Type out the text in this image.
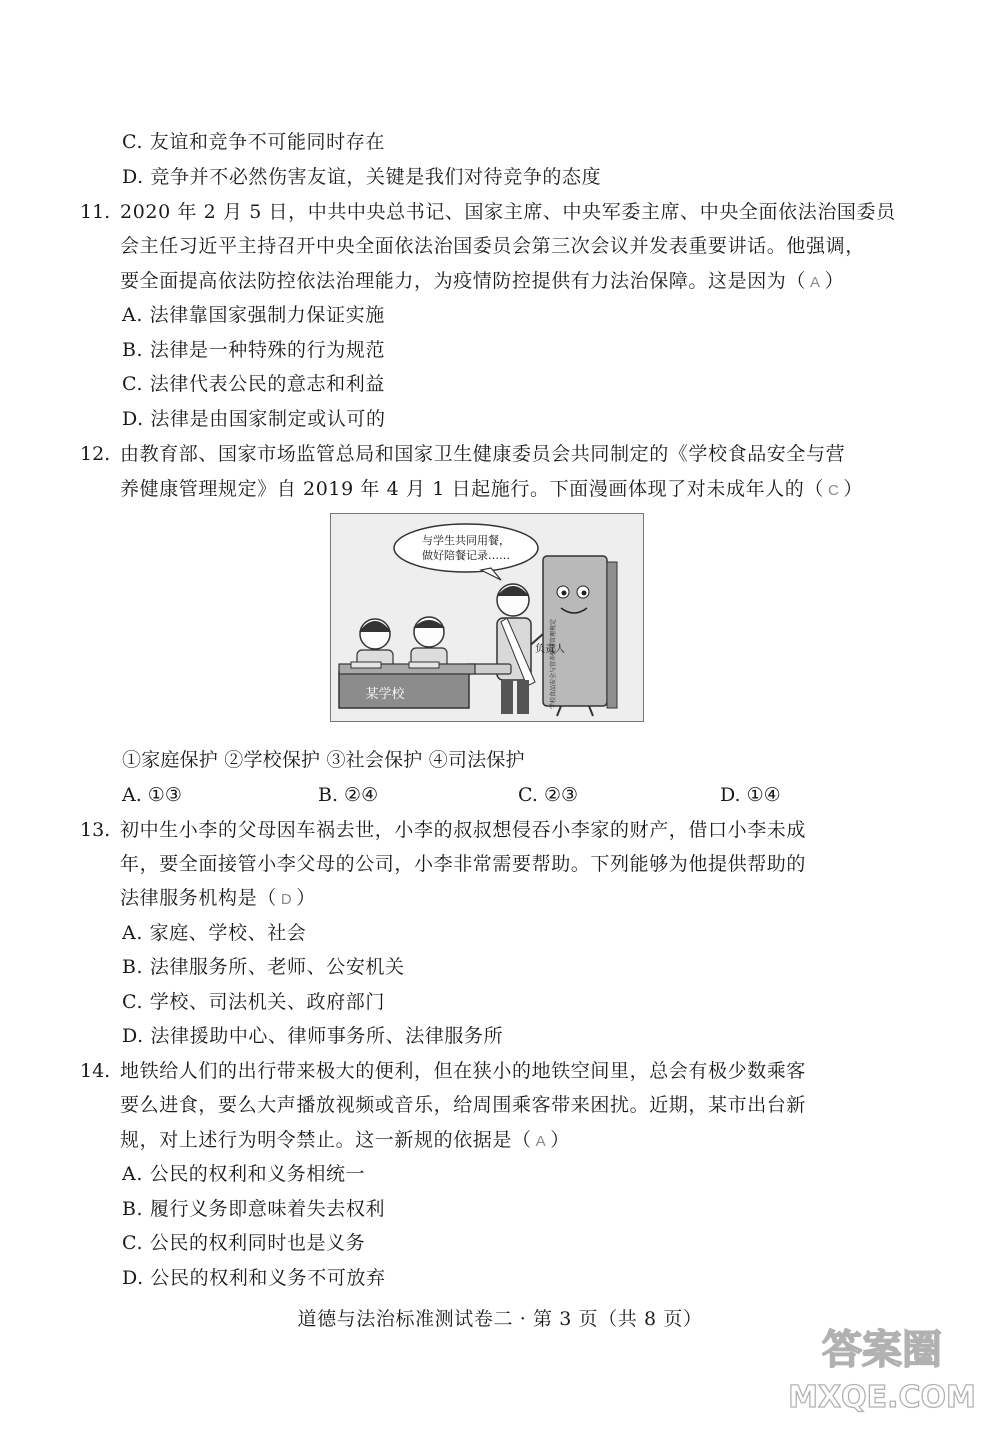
C. 友谊和竞争不可能同时存在
D. 竞争并不必然伤害友谊，关键是我们对待竞争的态度
11. 2020 年 2 月 5 日，中共中央总书记、国家主席、中央军委主席、中央全面依法治国委员
会主任习近平主持召开中央全面依法治国委员会第三次会议并发表重要讲话。他强调，
要全面提高依法防控依法治理能力，为疫情防控提供有力法治保障。这是因为（ A ）
A. 法律靠国家强制力保证实施
B. 法律是一种特殊的行为规范
C. 法律代表公民的意志和利益
D. 法律是由国家制定或认可的
12. 由教育部、国家市场监管总局和国家卫生健康委员会共同制定的《学校食品安全与营
养健康管理规定》自 2019 年 4 月 1 日起施行。下面漫画体现了对未成年人的（ C ）
与学生共同用餐，
做好陪餐记录……
学校食品安全与营养健康管理规定
负责人
某学校
①家庭保护 ②学校保护 ③社会保护 ④司法保护
A. ①③	B. ②④	C. ②③	D. ①④
13. 初中生小李的父母因车祸去世，小李的叔叔想侵吞小李家的财产，借口小李未成
年，要全面接管小李父母的公司，小李非常需要帮助。下列能够为他提供帮助的
法律服务机构是（ D ）
A. 家庭、学校、社会
B. 法律服务所、老师、公安机关
C. 学校、司法机关、政府部门
D. 法律援助中心、律师事务所、法律服务所
14. 地铁给人们的出行带来极大的便利，但在狭小的地铁空间里，总会有极少数乘客
要么进食，要么大声播放视频或音乐，给周围乘客带来困扰。近期，某市出台新
规，对上述行为明令禁止。这一新规的依据是（ A ）
A. 公民的权利和义务相统一
B. 履行义务即意味着失去权利
C. 公民的权利同时也是义务
D. 公民的权利和义务不可放弃
道德与法治标准测试卷二 · 第 3 页（共 8 页）
答案圈
MXQE.COM
